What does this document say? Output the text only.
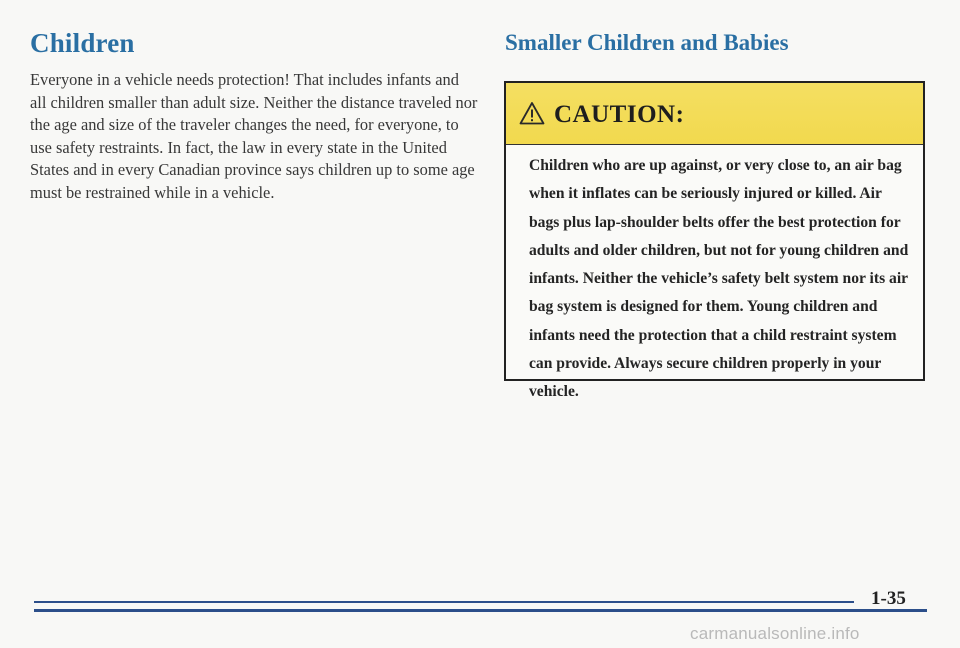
Children

Everyone in a vehicle needs protection! That includes infants and all children smaller than adult size. Neither the distance traveled nor the age and size of the traveler changes the need, for everyone, to use safety restraints. In fact, the law in every state in the United States and in every Canadian province says children up to some age must be restrained while in a vehicle.

Smaller Children and Babies
CAUTION:

Children who are up against, or very close to, an air bag when it inflates can be seriously injured or killed. Air bags plus lap-shoulder belts offer the best protection for adults and older children, but not for young children and infants. Neither the vehicle’s safety belt system nor its air bag system is designed for them. Young children and infants need the protection that a child restraint system can provide. Always secure children properly in your vehicle.

1-35
carmanualsonline.info
